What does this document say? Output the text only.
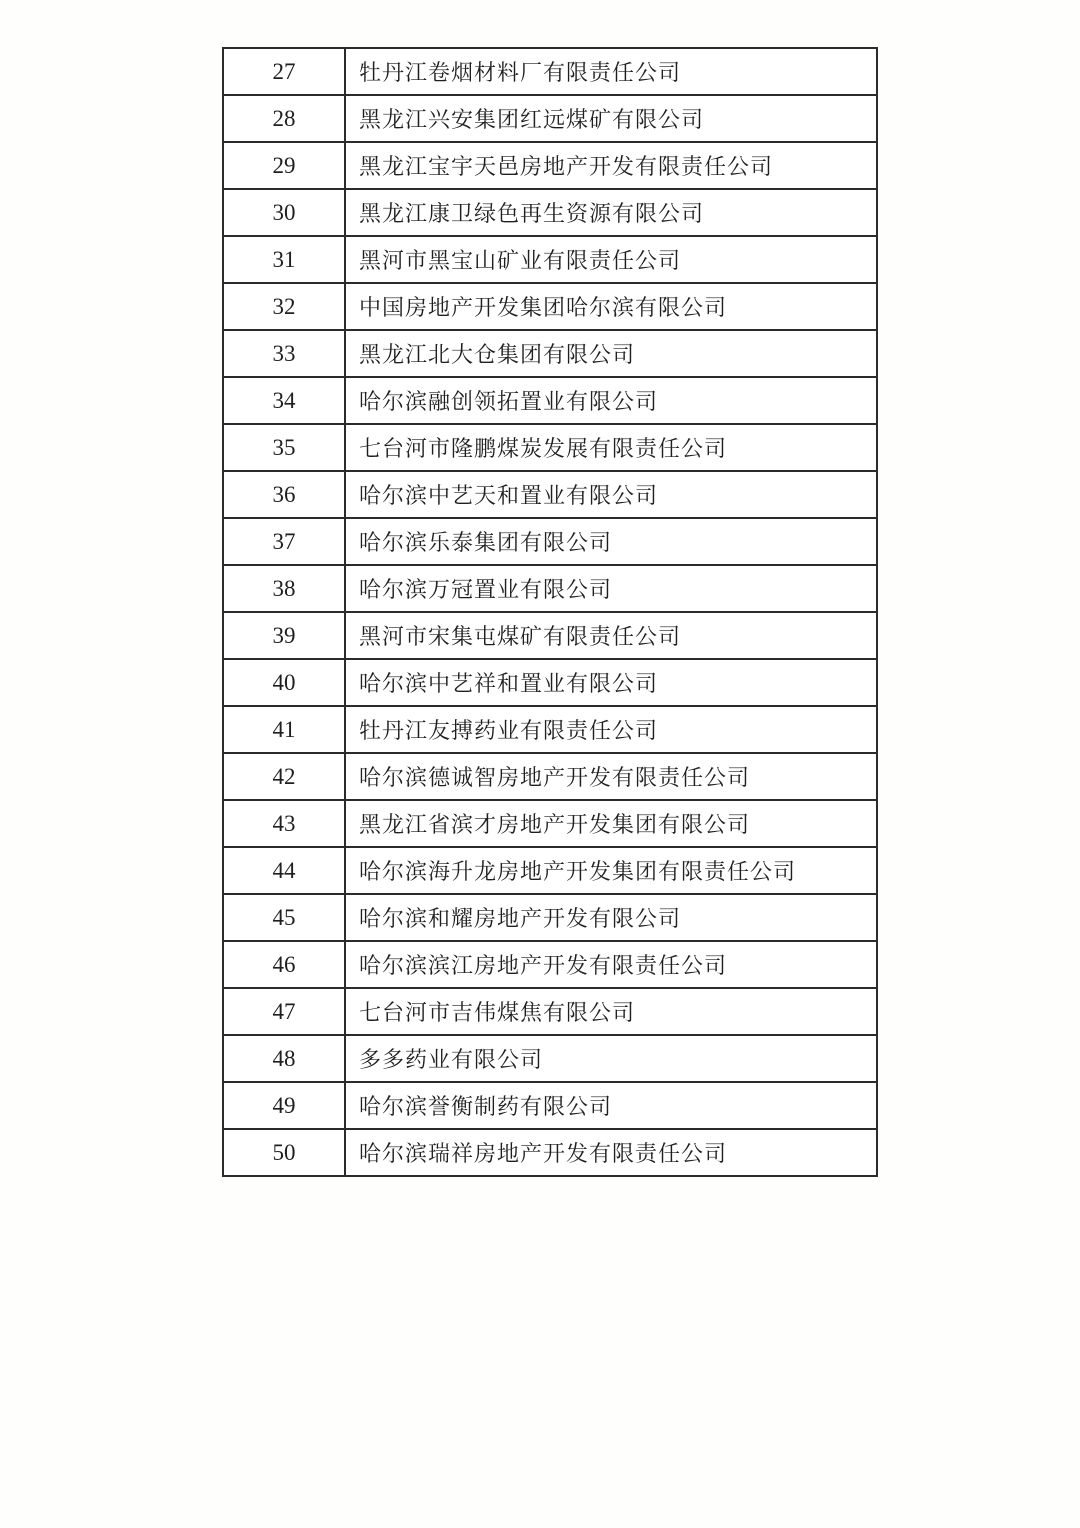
27	牡丹江卷烟材料厂有限责任公司
28	黑龙江兴安集团红远煤矿有限公司
29	黑龙江宝宇天邑房地产开发有限责任公司
30	黑龙江康卫绿色再生资源有限公司
31	黑河市黑宝山矿业有限责任公司
32	中国房地产开发集团哈尔滨有限公司
33	黑龙江北大仓集团有限公司
34	哈尔滨融创领拓置业有限公司
35	七台河市隆鹏煤炭发展有限责任公司
36	哈尔滨中艺天和置业有限公司
37	哈尔滨乐泰集团有限公司
38	哈尔滨万冠置业有限公司
39	黑河市宋集屯煤矿有限责任公司
40	哈尔滨中艺祥和置业有限公司
41	牡丹江友搏药业有限责任公司
42	哈尔滨德诚智房地产开发有限责任公司
43	黑龙江省滨才房地产开发集团有限公司
44	哈尔滨海升龙房地产开发集团有限责任公司
45	哈尔滨和耀房地产开发有限公司
46	哈尔滨滨江房地产开发有限责任公司
47	七台河市吉伟煤焦有限公司
48	多多药业有限公司
49	哈尔滨誉衡制药有限公司
50	哈尔滨瑞祥房地产开发有限责任公司
